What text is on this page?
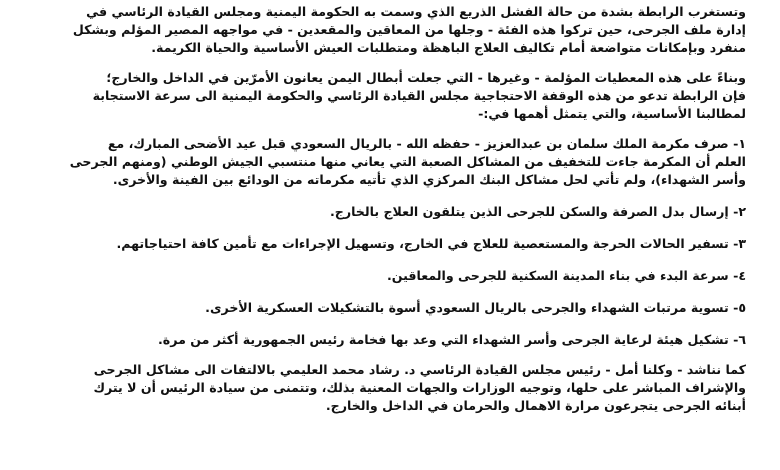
وتستغرب الرابطة بشدة من حالة الفشل الذريع الذي وسمت به الحكومة اليمنية ومجلس القيادة الرئاسي في
إدارة ملف الجرحى، حين تركوا هذه الفئة - وجلها من المعاقين والمقعدين - في مواجهه المصير المؤلم وبشكل
منفرد وبإمكانات متواضعة أمام تكاليف العلاج الباهظة ومتطلبات العيش الأساسية والحياة الكريمة.

وبناءً على هذه المعطيات المؤلمة - وغيرها - التي جعلت أبطال اليمن يعانون الأمرّين في الداخل والخارج؛
فإن الرابطة تدعو من هذه الوقفة الاحتجاجية مجلس القيادة الرئاسي والحكومة اليمنية الى سرعة الاستجابة
لمطالبنا الأساسية، والتي يتمثل أهمها في:-

١- صرف مكرمة الملك سلمان بن عبدالعزيز - حفظه الله - بالريال السعودي قبل عيد الأضحى المبارك، مع
العلم أن المكرمة جاءت للتخفيف من المشاكل الصعبة التي يعاني منها منتسبي الجيش الوطني (ومنهم الجرحى
وأسر الشهداء)، ولم تأتي لحل مشاكل البنك المركزي الذي تأتيه مكرماته من الودائع بين الفينة والأخرى.

٢- إرسال بدل الصرفة والسكن للجرحى الذين يتلقون العلاج بالخارج.

٣- تسفير الحالات الحرجة والمستعصية للعلاج في الخارج، وتسهيل الإجراءات مع تأمين كافة احتياجاتهم.

٤- سرعة البدء في بناء المدينة السكنية للجرحى والمعاقين.

٥- تسوية مرتبات الشهداء والجرحى بالريال السعودي أسوة بالتشكيلات العسكرية الأخرى.

٦- تشكيل هيئة لرعاية الجرحى وأسر الشهداء التي وعد بها فخامة رئيس الجمهورية أكثر من مرة.

كما نناشد - وكلنا أمل - رئيس مجلس القيادة الرئاسي د. رشاد محمد العليمي بالالتفات الى مشاكل الجرحى
والإشراف المباشر على حلها، وتوجيه الوزارات والجهات المعنية بذلك، وتتمنى من سيادة الرئيس أن لا يترك
أبنائه الجرحى يتجرعون مرارة الاهمال والحرمان في الداخل والخارج.
